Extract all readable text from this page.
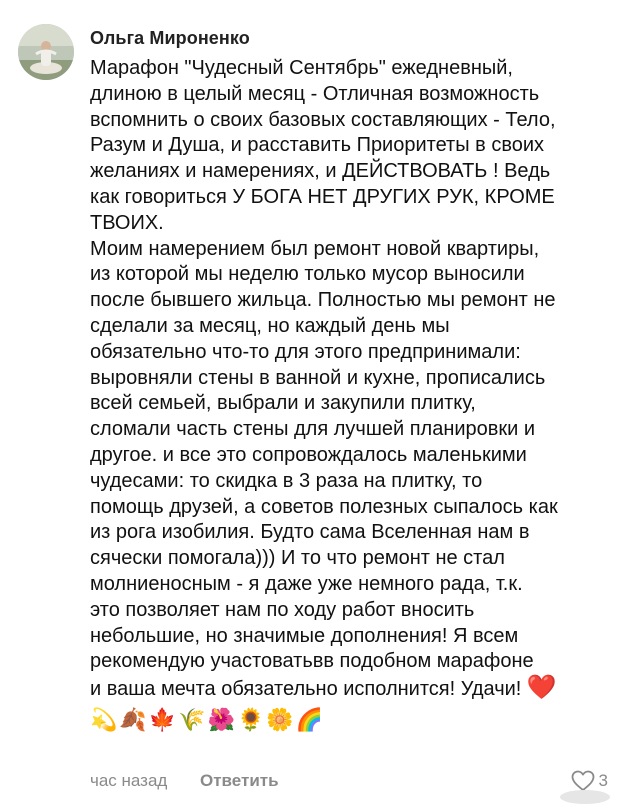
Ольга Мироненко
Марафон "Чудесный Сентябрь" ежедневный,
длиною в целый месяц - Отличная возможность
вспомнить о своих базовых составляющих - Тело,
Разум и Душа, и расставить Приоритеты в своих
желаниях и намерениях, и ДЕЙСТВОВАТЬ ! Ведь
как говориться У БОГА НЕТ ДРУГИХ РУК, КРОМЕ
ТВОИХ.
Моим намерением был ремонт новой квартиры,
из которой мы неделю только мусор выносили
после бывшего жильца. Полностью мы ремонт не
сделали за месяц, но каждый день мы
обязательно что-то для этого предпринимали:
выровняли стены в ванной и кухне, прописались
всей семьей, выбрали и закупили плитку,
сломали часть стены для лучшей планировки и
другое. и все это сопровождалось маленькими
чудесами: то скидка в 3 раза на плитку, то
помощь друзей, а советов полезных сыпалось как
из рога изобилия. Будто сама Вселенная нам в
сячески помогала))) И то что ремонт не стал
молниеносным - я даже уже немного рада, т.к.
это позволяет нам по ходу работ вносить
небольшие, но значимые дополнения! Я всем
рекомендую участоватьвв подобном марафоне
и ваша мечта обязательно исполнится! Удачи! ❤️
💫🍂🍁🌾🌺🌻🌼🌈
час назад Ответить	3
